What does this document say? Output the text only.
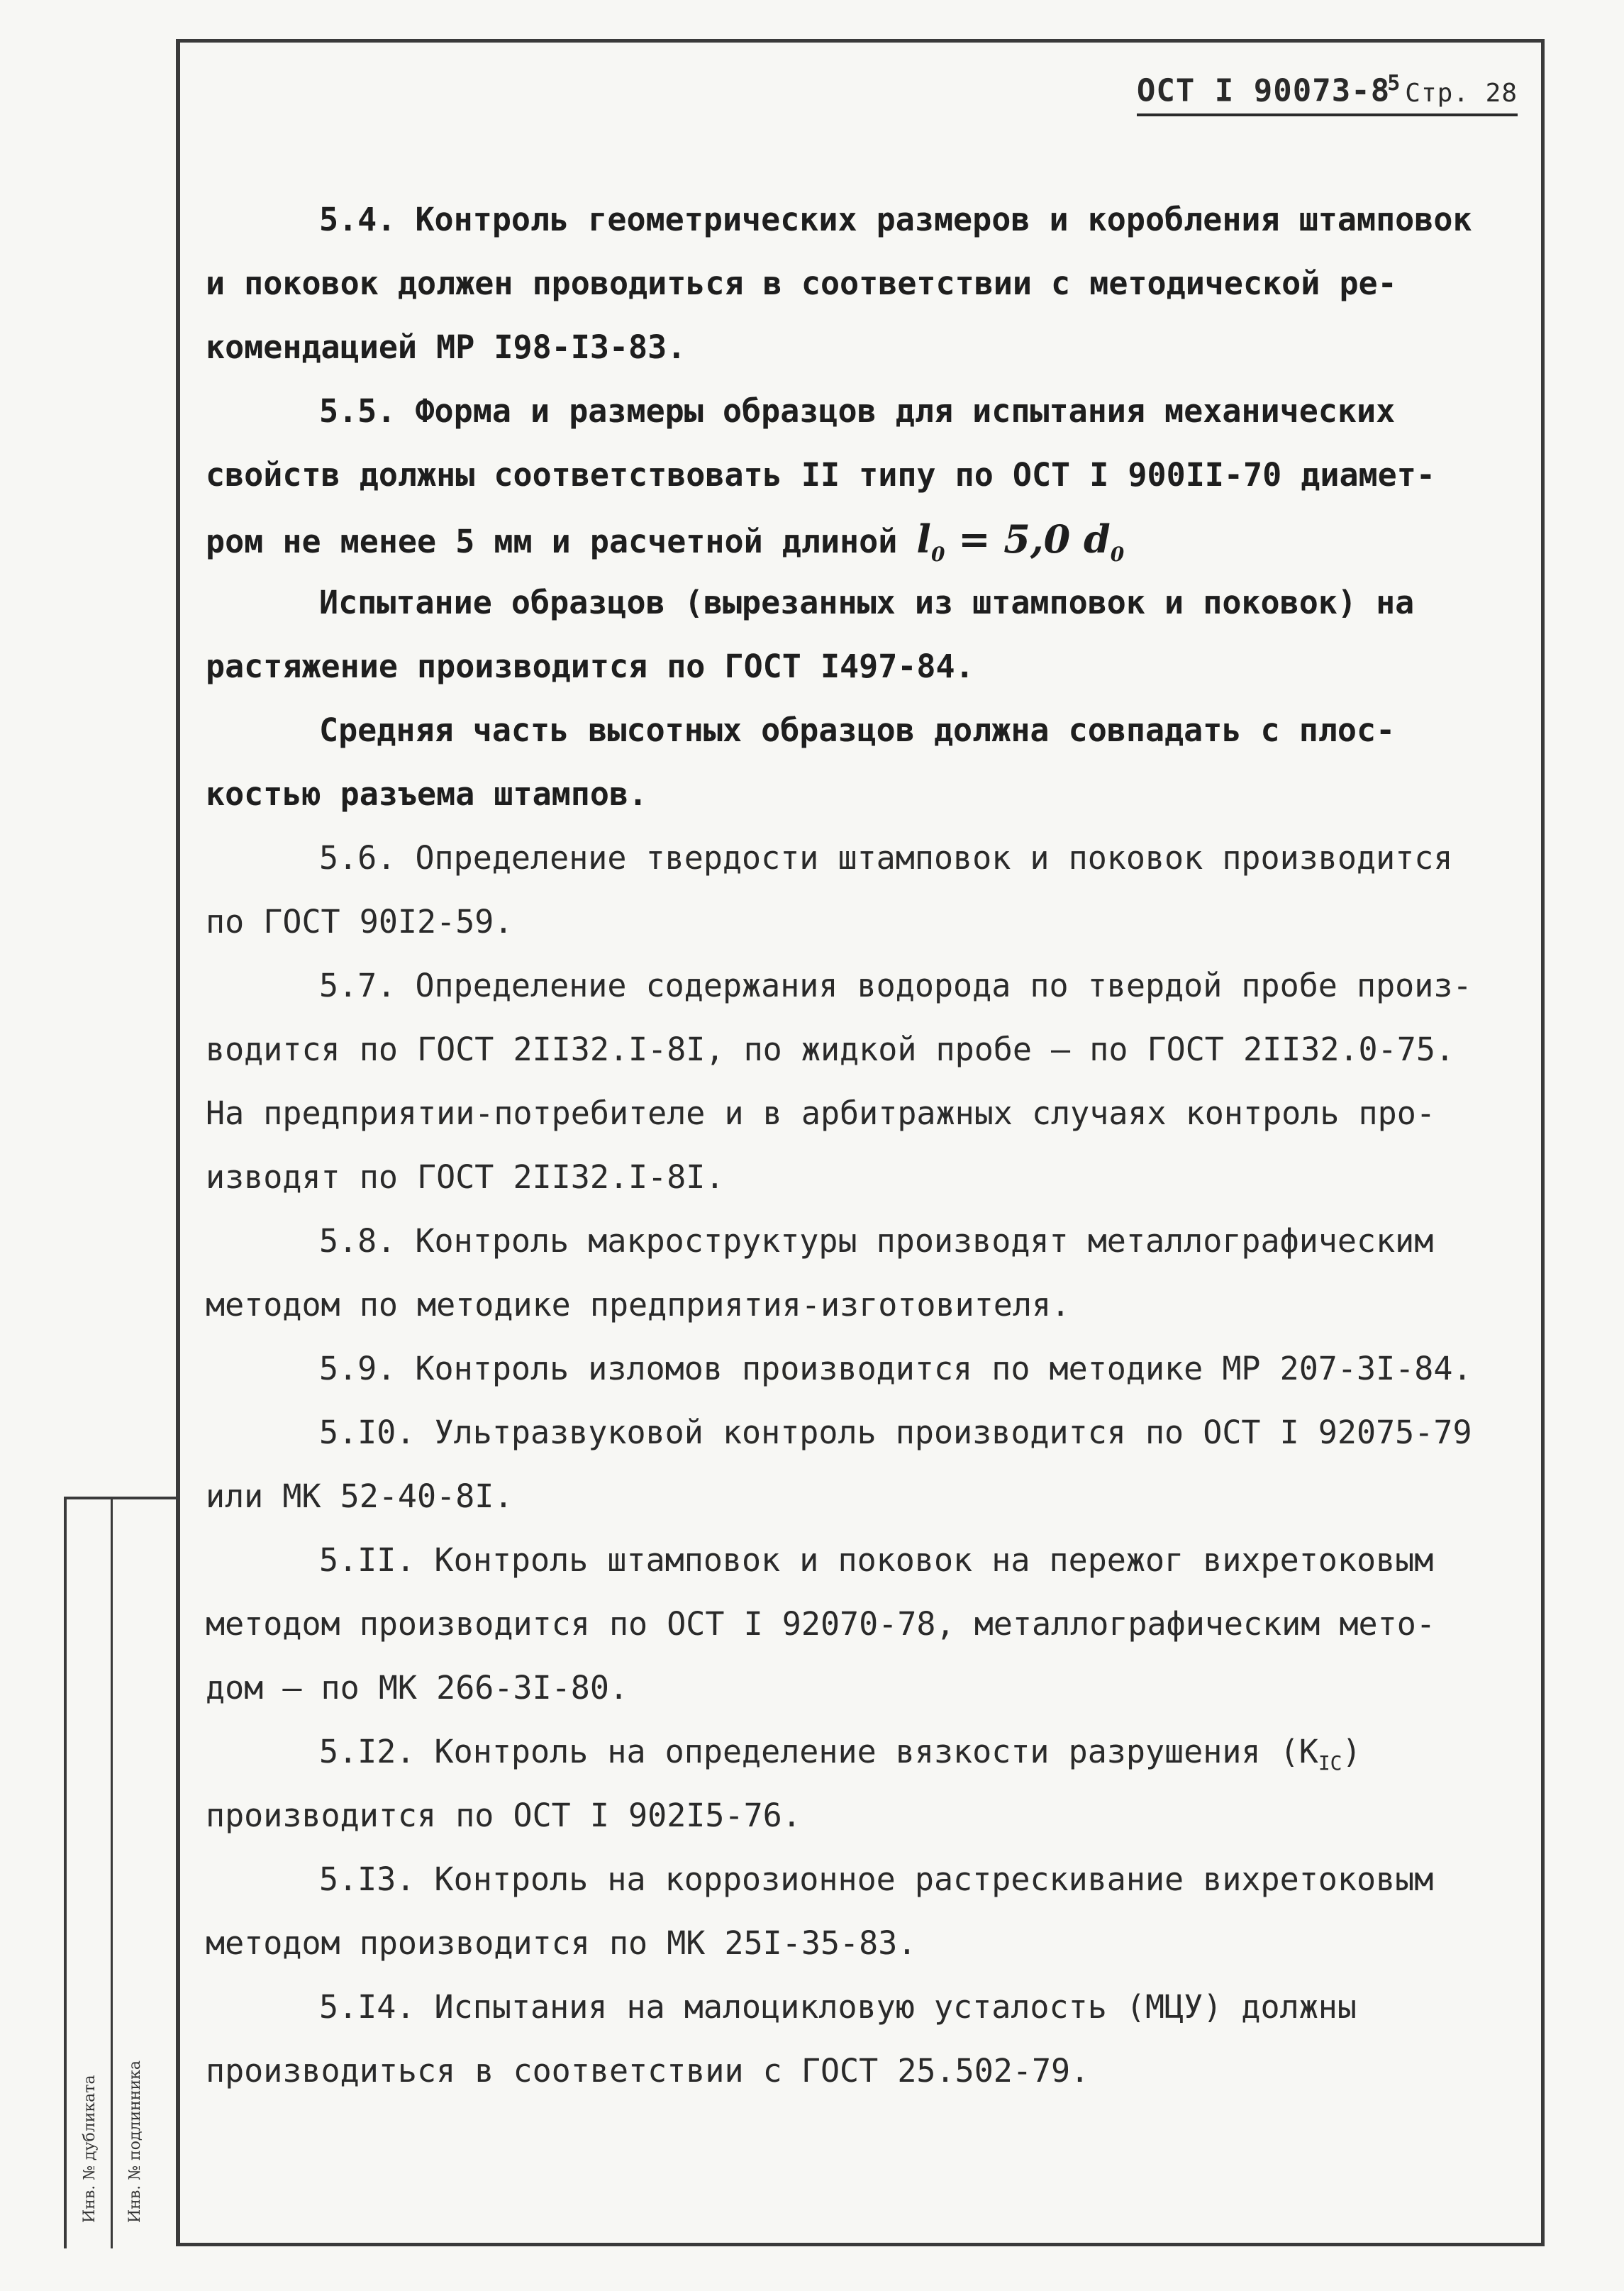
ОСТ I $90073-8^5$ Стр. 28
5.4. Контроль геометрических размеров и коробления штамповок
и поковок должен проводиться в соответствии с методической ре-
комендацией МР I98-I3-83.
5.5. Форма и размеры образцов для испытания механических
свойств должны соответствовать II типу по ОСТ I 900II-70 диамет-
ром не менее 5 мм и расчетной длиной $l_0 = 5,0$ $d_0$
Испытание образцов (вырезанных из штамповок и поковок) на
растяжение производится по ГОСТ I497-84.
Средняя часть высотных образцов должна совпадать с плос-
костью разъема штампов.
5.6. Определение твердости штамповок и поковок производится
по ГОСТ 90I2-59.
5.7. Определение содержания водорода по твердой пробе произ-
водится по ГОСТ 2II32.I-8I, по жидкой пробе – по ГОСТ 2II32.0-75.
На предприятии-потребителе и в арбитражных случаях контроль про-
изводят по ГОСТ 2II32.I-8I.
5.8. Контроль макроструктуры производят металлографическим
методом по методике предприятия-изготовителя.
5.9. Контроль изломов производится по методике МР 207-3I-84.
5.I0. Ультразвуковой контроль производится по ОСТ I 92075-79
или МК 52-40-8I.
5.II. Контроль штамповок и поковок на пережог вихретоковым
методом производится по ОСТ I 92070-78, металлографическим мето-
дом – по МК 266-3I-80.
5.I2. Контроль на определение вязкости разрушения $(K_{IC})$
производится по ОСТ I 902I5-76.
5.I3. Контроль на коррозионное растрескивание вихретоковым
методом производится по МК 25I-35-83.
5.I4. Испытания на малоцикловую усталость (МЦУ) должны
производиться в соответствии с ГОСТ 25.502-79.
Инв. № дубликата Инв. № подлинника
